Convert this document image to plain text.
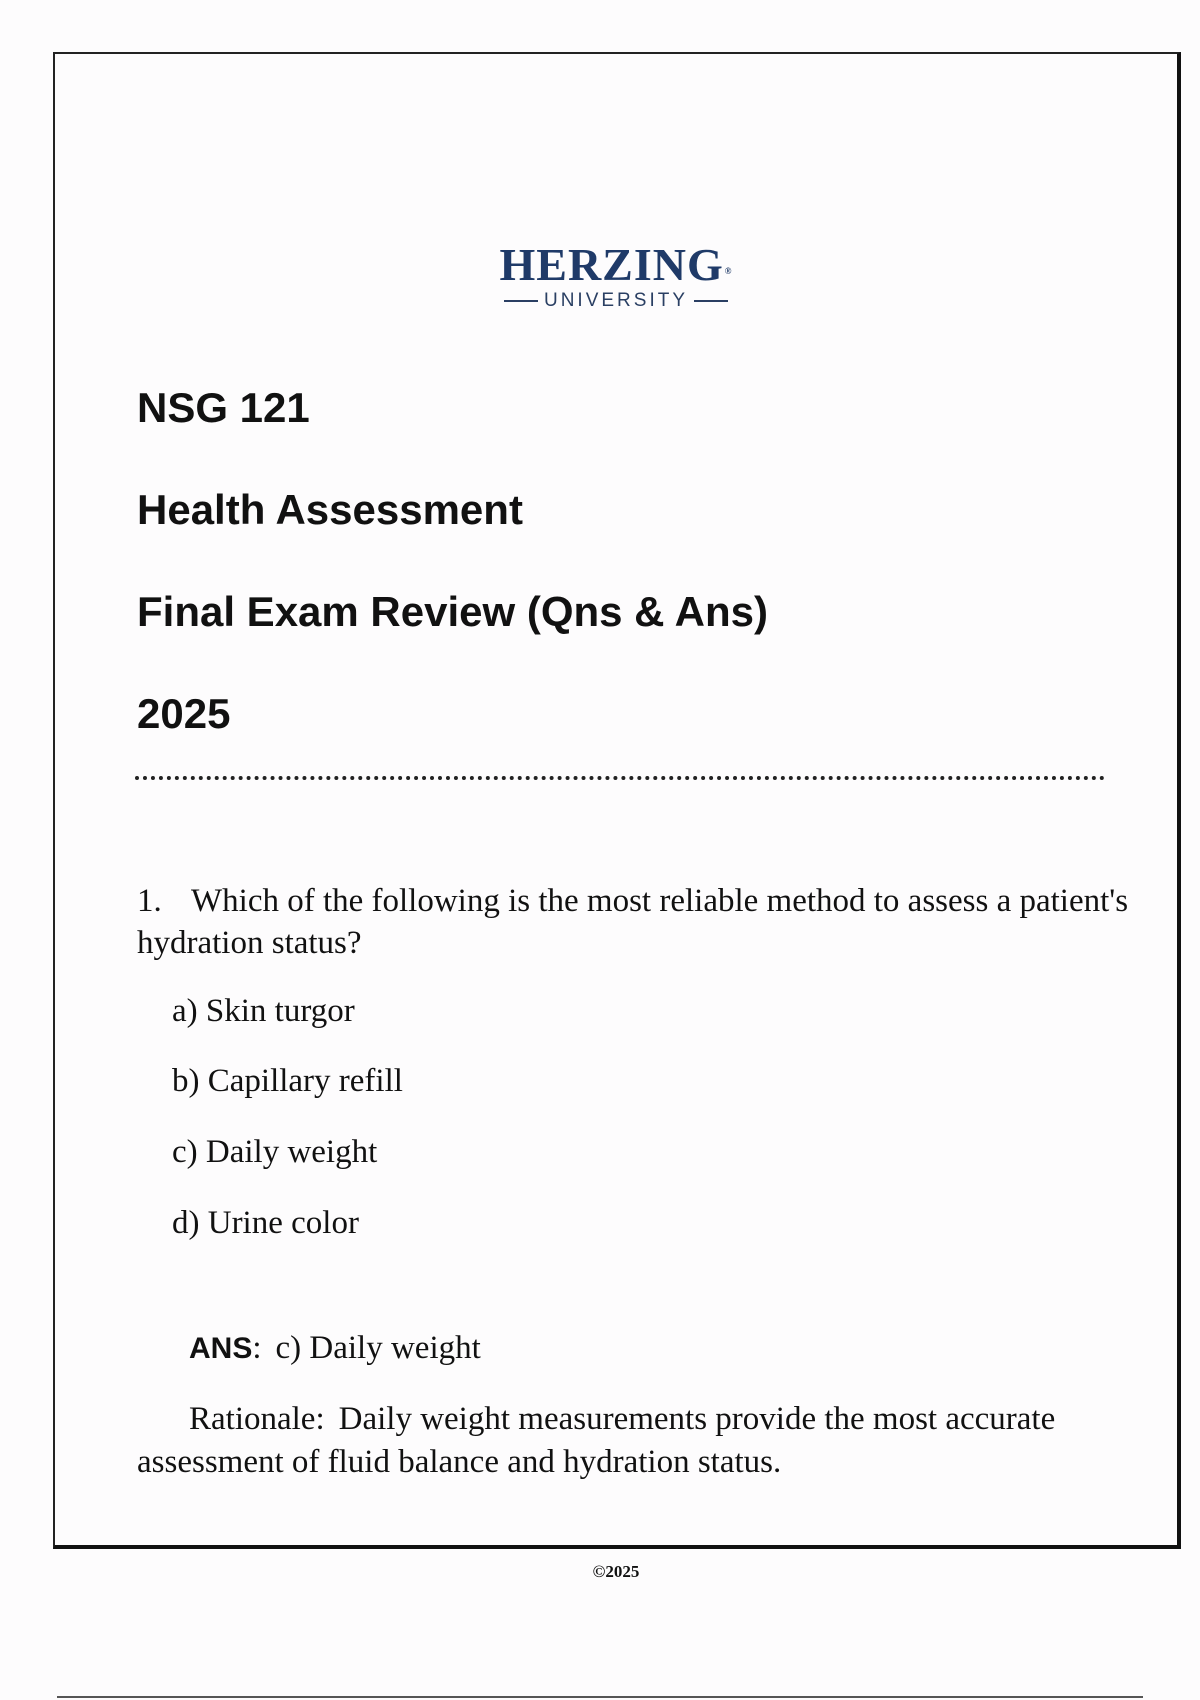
HERZING®
UNIVERSITY
NSG 121
Health Assessment
Final Exam Review (Qns & Ans)
2025

1. Which of the following is the most reliable method to assess a patient's hydration status?

a) Skin turgor

b) Capillary refill

c) Daily weight

d) Urine color

ANS: c) Daily weight

Rationale: Daily weight measurements provide the most accurate assessment of fluid balance and hydration status.

©2025
